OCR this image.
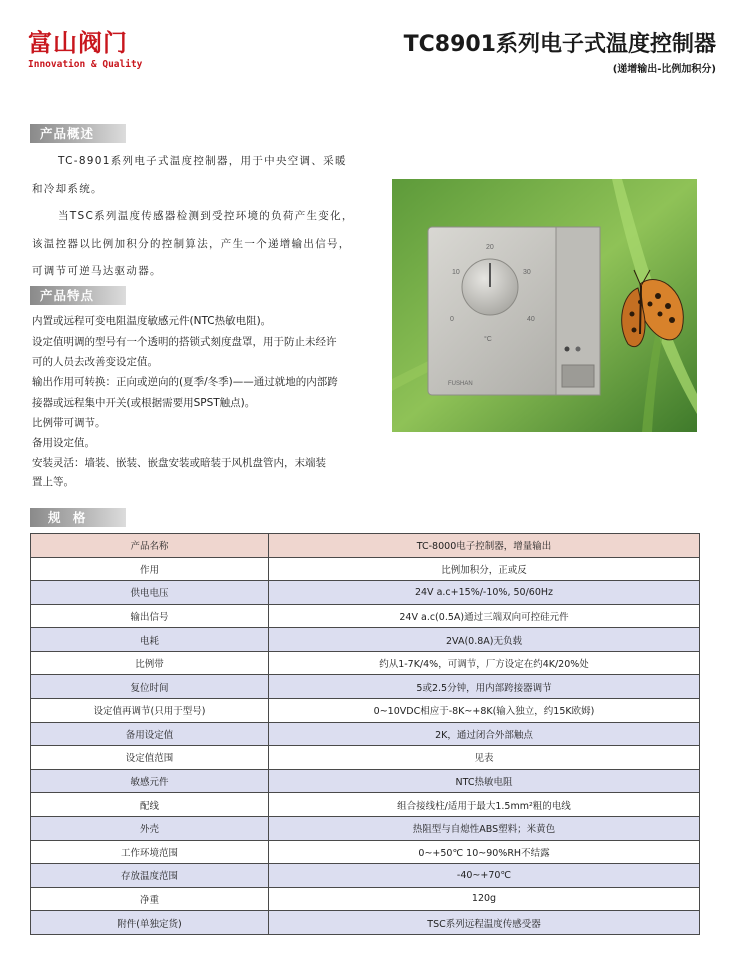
富山阀门
Innovation & Quality
TC8901系列电子式温度控制器
(递增输出-比例加积分)
产品概述
TC-8901系列电子式温度控制器，用于中央空调、采暖
和冷却系统。
当TSC系列温度传感器检测到受控环境的负荷产生变化，
该温控器以比例加积分的控制算法，产生一个递增输出信号，
可调节可逆马达驱动器。
产品特点
内置或远程可变电阻温度敏感元件(NTC热敏电阻)。
设定值明调的型号有一个透明的搭锁式刻度盘罩，用于防止未经许
可的人员去改善变设定值。
输出作用可转换：正向或逆向的(夏季/冬季)——通过就地的内部跨
接器或远程集中开关(或根据需要用SPST触点)。
比例带可调节。
备用设定值。
安装灵活：墙装、嵌装、嵌盘安装或暗装于风机盘管内，末端装
置上等。
0
10
20
30
40
°C
FUSHAN
规 格
产品名称	TC-8000电子控制器，增量输出
作用	比例加积分，正或反
供电电压	24V a.c+15%/-10%, 50/60Hz
输出信号	24V a.c(0.5A)通过三端双向可控硅元件
电耗	2VA(0.8A)无负载
比例带	约从1-7K/4%，可调节，厂方设定在约4K/20%处
复位时间	5或2.5分钟，用内部跨接器调节
设定值再调节(只用于型号)	0~10VDC相应于-8K~+8K(输入独立，约15K欧姆)
备用设定值	2K，通过闭合外部触点
设定值范围	见表
敏感元件	NTC热敏电阻
配线	组合接线柱/适用于最大1.5mm²粗的电线
外壳	热阻型与自熄性ABS塑料；米黄色
工作环境范围	0~+50℃ 10~90%RH不结露
存放温度范围	-40~+70℃
净重	120g
附件(单独定货)	TSC系列远程温度传感受器
